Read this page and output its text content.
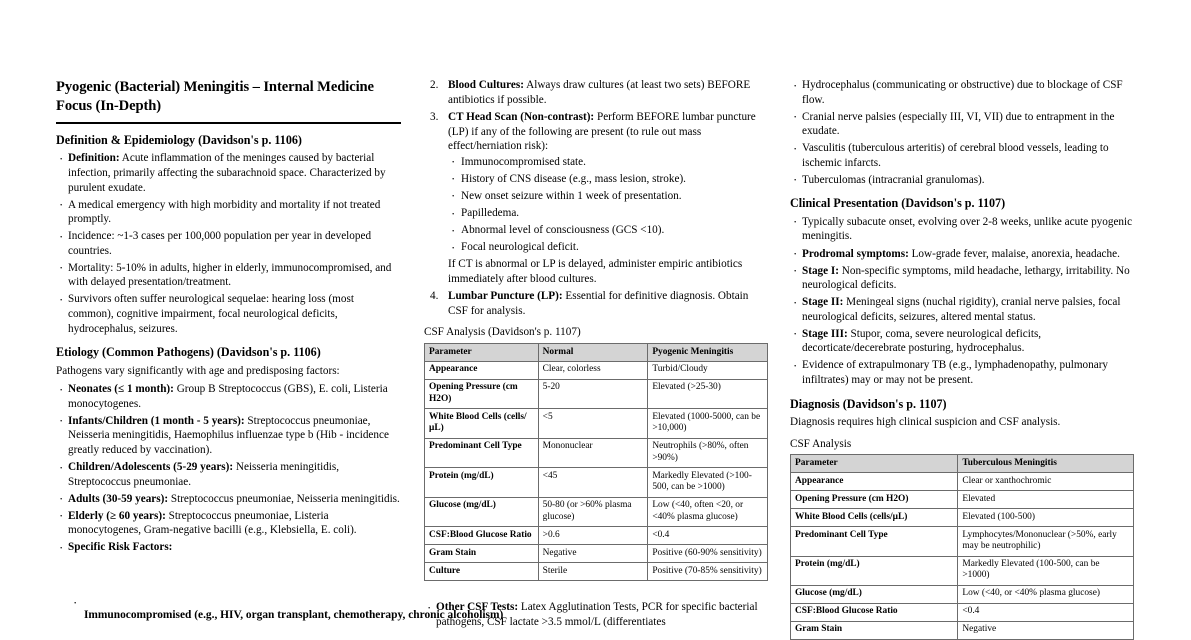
Pyogenic (Bacterial) Meningitis – Internal Medicine Focus (In-Depth)
Definition & Epidemiology (Davidson's p. 1106)
· Definition: Acute inflammation of the meninges caused by bacterial infection, primarily affecting the subarachnoid space. Characterized by purulent exudate.
· A medical emergency with high morbidity and mortality if not treated promptly.
· Incidence: ~1-3 cases per 100,000 population per year in developed countries.
· Mortality: 5-10% in adults, higher in elderly, immunocompromised, and with delayed presentation/treatment.
· Survivors often suffer neurological sequelae: hearing loss (most common), cognitive impairment, focal neurological deficits, hydrocephalus, seizures.
Etiology (Common Pathogens) (Davidson's p. 1106)

Pathogens vary significantly with age and predisposing factors:

· Neonates (≤ 1 month): Group B Streptococcus (GBS), E. coli, Listeria monocytogenes.
· Infants/Children (1 month - 5 years): Streptococcus pneumoniae, Neisseria meningitidis, Haemophilus influenzae type b (Hib - incidence greatly reduced by vaccination).
· Children/Adolescents (5-29 years): Neisseria meningitidis, Streptococcus pneumoniae.
· Adults (30-59 years): Streptococcus pneumoniae, Neisseria meningitidis.
· Elderly (≥ 60 years): Streptococcus pneumoniae, Listeria monocytogenes, Gram-negative bacilli (e.g., Klebsiella, E. coli).
· Specific Risk Factors:
·
Immunocompromised (e.g., HIV, organ transplant, chemotherapy, chronic alcoholism)
Blood Cultures: Always draw cultures (at least two sets) BEFORE antibiotics if possible.
CT Head Scan (Non-contrast): Perform BEFORE lumbar puncture (LP) if any of the following are present (to rule out mass effect/herniation risk):
· Immunocompromised state.
· History of CNS disease (e.g., mass lesion, stroke).
· New onset seizure within 1 week of presentation.
· Papilledema.
· Abnormal level of consciousness (GCS <10).
· Focal neurological deficit.
If CT is abnormal or LP is delayed, administer empiric antibiotics immediately after blood cultures.
Lumbar Puncture (LP): Essential for definitive diagnosis. Obtain CSF for analysis.
CSF Analysis (Davidson's p. 1107)
Parameter	Normal	Pyogenic Meningitis
Appearance	Clear, colorless	Turbid/Cloudy
Opening Pressure (cm H2O)	5-20	Elevated (>25-30)
White Blood Cells (cells/μL)	<5	Elevated (1000-5000, can be >10,000)
Predominant Cell Type	Mononuclear	Neutrophils (>80%, often >90%)
Protein (mg/dL)	<45	Markedly Elevated (>100-500, can be >1000)
Glucose (mg/dL)	50-80 (or >60% plasma glucose)	Low (<40, often <20, or <40% plasma glucose)
CSF:Blood Glucose Ratio	>0.6	<0.4
Gram Stain	Negative	Positive (60-90% sensitivity)
Culture	Sterile	Positive (70-85% sensitivity)
· Other CSF Tests: Latex Agglutination Tests, PCR for specific bacterial pathogens, CSF lactate >3.5 mmol/L (differentiates
· Hydrocephalus (communicating or obstructive) due to blockage of CSF flow.
· Cranial nerve palsies (especially III, VI, VII) due to entrapment in the exudate.
· Vasculitis (tuberculous arteritis) of cerebral blood vessels, leading to ischemic infarcts.
· Tuberculomas (intracranial granulomas).
Clinical Presentation (Davidson's p. 1107)
· Typically subacute onset, evolving over 2-8 weeks, unlike acute pyogenic meningitis.
· Prodromal symptoms: Low-grade fever, malaise, anorexia, headache.
· Stage I: Non-specific symptoms, mild headache, lethargy, irritability. No neurological deficits.
· Stage II: Meningeal signs (nuchal rigidity), cranial nerve palsies, focal neurological deficits, seizures, altered mental status.
· Stage III: Stupor, coma, severe neurological deficits, decorticate/decerebrate posturing, hydrocephalus.
· Evidence of extrapulmonary TB (e.g., lymphadenopathy, pulmonary infiltrates) may or may not be present.
Diagnosis (Davidson's p. 1107)

Diagnosis requires high clinical suspicion and CSF analysis.

CSF Analysis
Parameter	Tuberculous Meningitis
Appearance	Clear or xanthochromic
Opening Pressure (cm H2O)	Elevated
White Blood Cells (cells/μL)	Elevated (100-500)
Predominant Cell Type	Lymphocytes/Mononuclear (>50%, early may be neutrophilic)
Protein (mg/dL)	Markedly Elevated (100-500, can be >1000)
Glucose (mg/dL)	Low (<40, or <40% plasma glucose)
CSF:Blood Glucose Ratio	<0.4
Gram Stain	Negative
